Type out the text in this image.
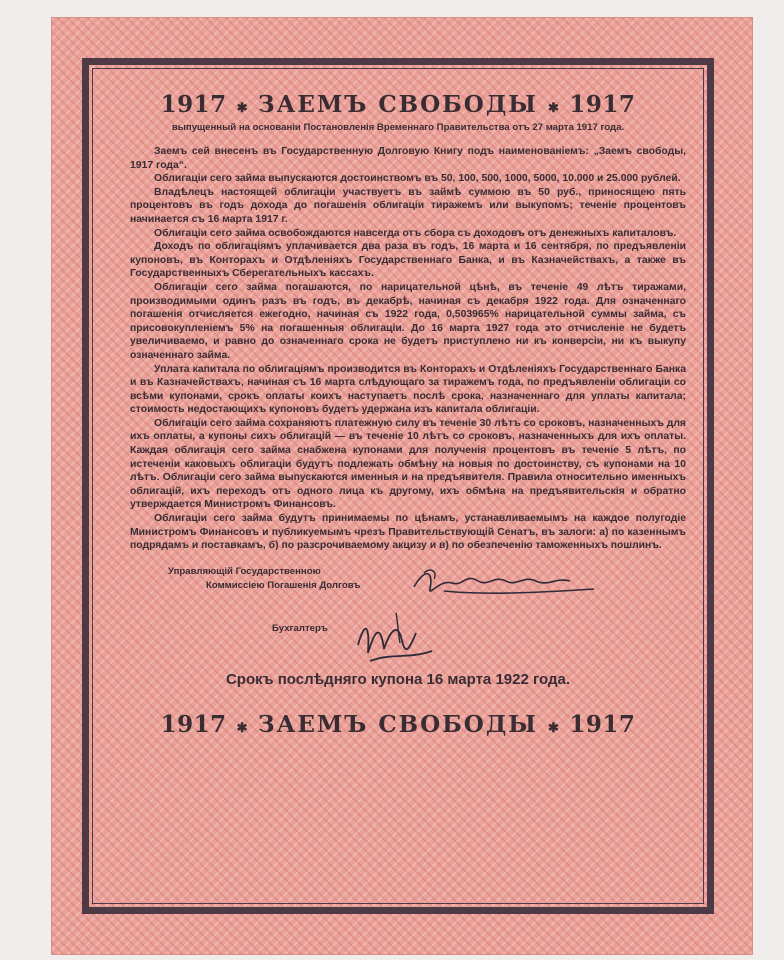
1917 ✱ ЗАЕМЪ СВОБОДЫ ✱ 1917
выпущенный на основанiи Постановленiя Временнаго Правительства отъ 27 марта 1917 года.

Заемъ сей внесенъ въ Государственную Долговую Книгу подъ наименованiемъ: „Заемъ свободы, 1917 года“.

Облигацiи сего займа выпускаются достоинствомъ въ 50, 100, 500, 1000, 5000, 10.000 и 25.000 рублей.

Владѣлецъ настоящей облигацiи участвуетъ въ займѣ суммою въ 50 руб., приносящею пять процентовъ въ годъ дохода до погашенiя облигацiи тиражемъ или выкупомъ; теченiе процентовъ начинается съ 16 марта 1917 г.

Облигацiи сего займа освобождаются навсегда отъ сбора съ доходовъ отъ денежныхъ капиталовъ.

Доходъ по облигацiямъ уплачивается два раза въ годъ, 16 марта и 16 сентября, по предъявленiи купоновъ, въ Конторахъ и Отдѣленiяхъ Государственнаго Банка, и въ Казначействахъ, а также въ Государственныхъ Сберегательныхъ кассахъ.

Облигацiи сего займа погашаются, по нарицательной цѣнѣ, въ теченiе 49 лѣтъ тиражами, производимыми одинъ разъ въ годъ, въ декабрѣ, начиная съ декабря 1922 года. Для означеннаго погашенiя отчисляется ежегодно, начиная съ 1922 года, 0,503965% нарицательной суммы займа, съ присовокупленiемъ 5% на погашенныя облигацiи. До 16 марта 1927 года это отчисленiе не будетъ увеличиваемо, и равно до означеннаго срока не будетъ приступлено ни къ конверсiи, ни къ выкупу означеннаго займа.

Уплата капитала по облигацiямъ производится въ Конторахъ и Отдѣленiяхъ Государственнаго Банка и въ Казначействахъ, начиная съ 16 марта слѣдующаго за тиражемъ года, по предъявленiи облигацiи со всѣми купонами, срокъ оплаты коихъ наступаетъ послѣ срока, назначеннаго для уплаты капитала; стоимость недостающихъ купоновъ будетъ удержана изъ капитала облигацiи.

Облигацiи сего займа сохраняютъ платежную силу въ теченiе 30 лѣтъ со сроковъ, назначенныхъ для ихъ оплаты, а купоны сихъ облигацiй — въ теченiе 10 лѣтъ со сроковъ, назначенныхъ для ихъ оплаты. Каждая облигацiя сего займа снабжена купонами для полученiя процентовъ въ теченiе 5 лѣтъ, по истеченiи каковыхъ облигацiи будутъ подлежать обмѣну на новыя по достоинству, съ купонами на 10 лѣтъ. Облигацiи сего займа выпускаются именныя и на предъявителя. Правила относительно именныхъ облигацiй, ихъ переходъ отъ одного лица къ другому, ихъ обмѣна на предъявительскiя и обратно утверждается Министромъ Финансовъ.

Облигацiи сего займа будутъ принимаемы по цѣнамъ, устанавливаемымъ на каждое полугодiе Министромъ Финансовъ и публикуемымъ чрезъ Правительствующiй Сенатъ, въ залоги: а) по казеннымъ подрядамъ и поставкамъ, б) по разсрочиваемому акцизу и в) по обезпеченiю таможенныхъ пошлинъ.

Управляющiй Государственною
Коммиссiею Погашенiя Долговъ
Бухгалтеръ
Срокъ послѣдняго купона 16 марта 1922 года.
1917 ✱ ЗАЕМЪ СВОБОДЫ ✱ 1917
